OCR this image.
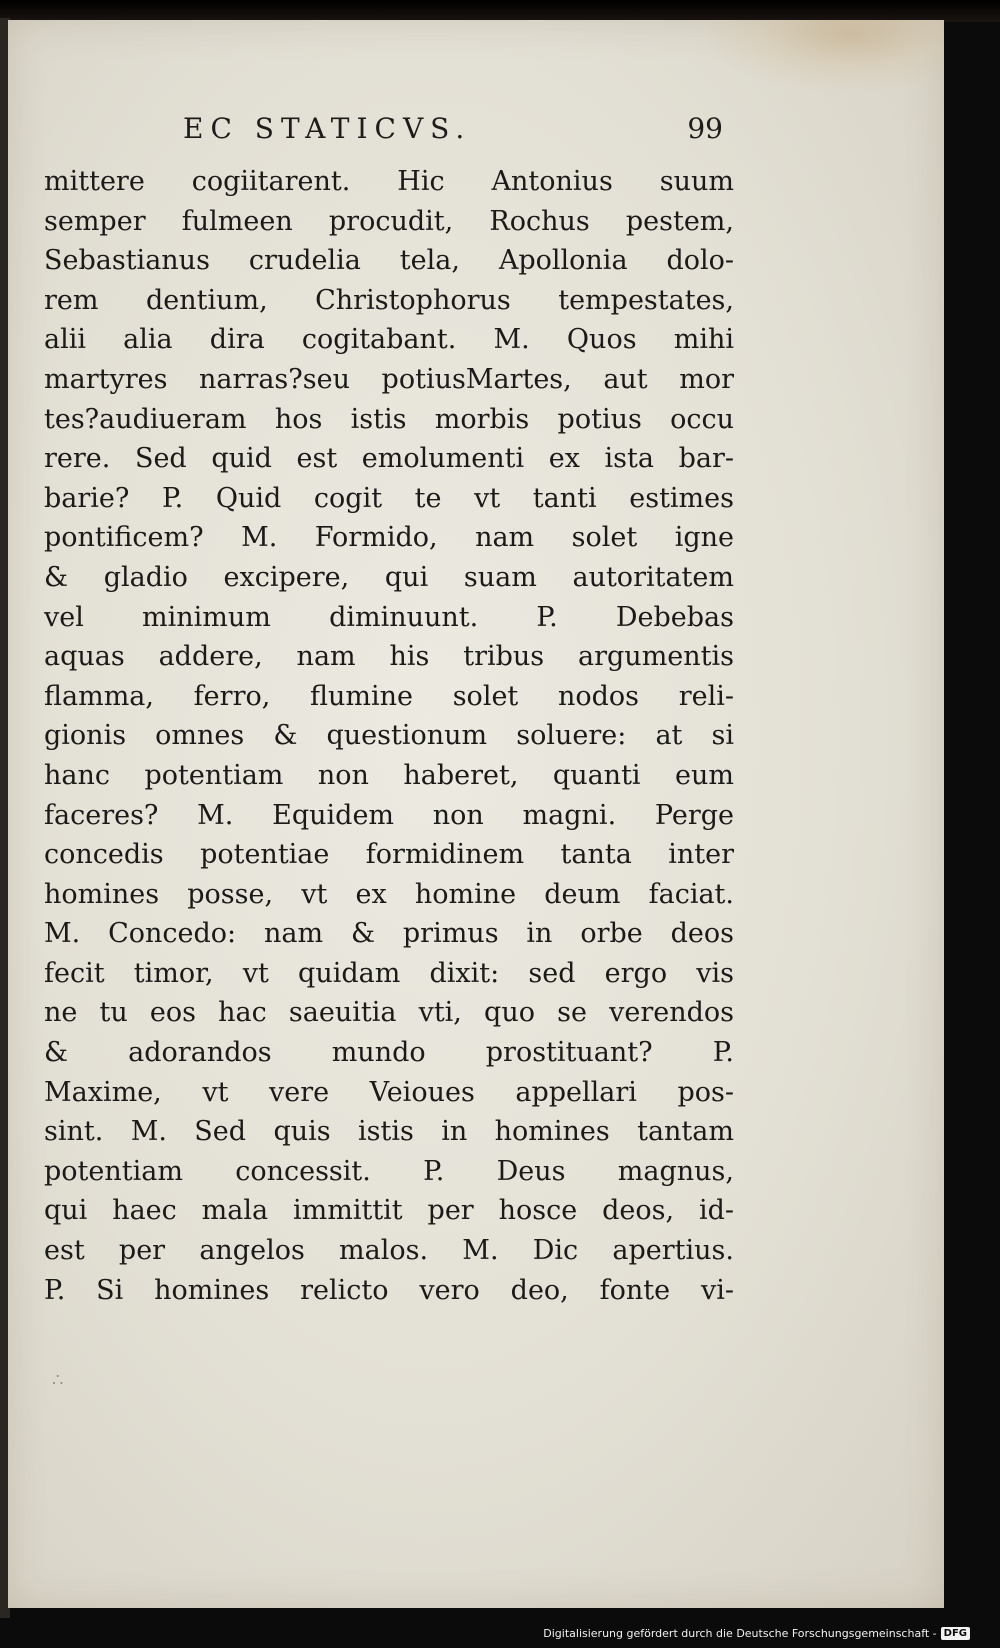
EC STATICVS.	99
mittere cogiitarent. Hic Antonius suum
semper fulmeen procudit, Rochus pestem,
Sebastianus crudelia tela, Apollonia dolo-
rem dentium, Christophorus tempestates,
alii alia dira cogitabant. M. Quos mihi
martyres narras?seu potiusMartes, aut mor
tes?audiueram hos istis morbis potius occu
rere. Sed quid est emolumenti ex ista bar-
barie? P. Quid cogit te vt tanti estimes
pontificem? M. Formido, nam solet igne
& gladio excipere, qui suam autoritatem
vel minimum diminuunt. P. Debebas
aquas addere, nam his tribus argumentis
flamma, ferro, flumine solet nodos reli-
gionis omnes & questionum soluere: at si
hanc potentiam non haberet, quanti eum
faceres? M. Equidem non magni. Perge
concedis potentiae formidinem tanta inter
homines posse, vt ex homine deum faciat.
M. Concedo: nam & primus in orbe deos
fecit timor, vt quidam dixit: sed ergo vis
ne tu eos hac saeuitia vti, quo se verendos
& adorandos mundo prostituant? P.
Maxime, vt vere Veioues appellari pos-
sint. M. Sed quis istis in homines tantam
potentiam concessit. P. Deus magnus,
qui haec mala immittit per hosce deos, id-
est per angelos malos. M. Dic apertius.
P. Si homines relicto vero deo, fonte vi-
∴
Digitalisierung gefördert durch die Deutsche Forschungsgemeinschaft - DFG
